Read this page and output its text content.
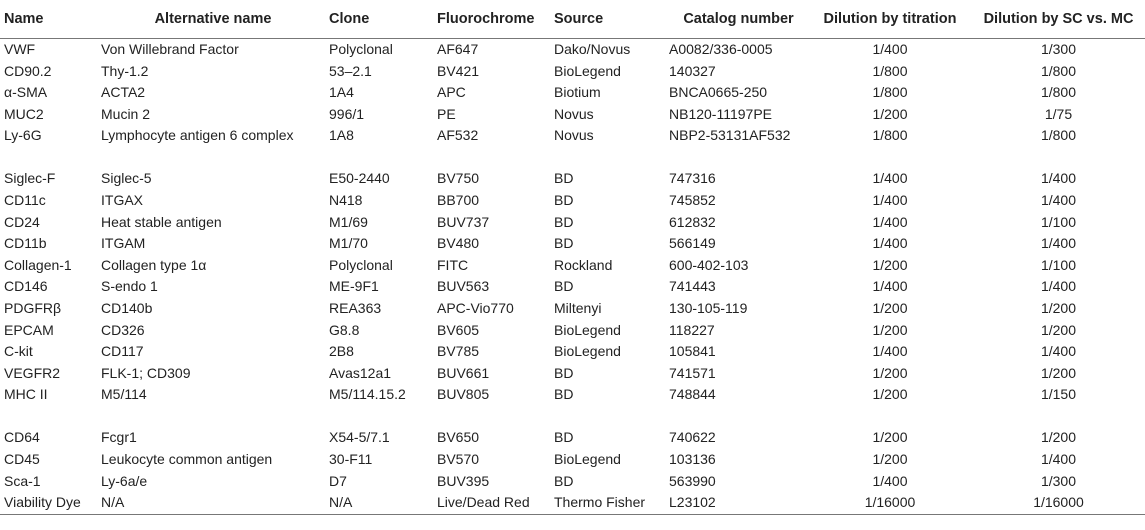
Name	Alternative name	Clone	Fluorochrome	Source	Catalog number	Dilution by titration	Dilution by SC vs. MC
VWF	Von Willebrand Factor	Polyclonal	AF647	Dako/Novus	A0082/336-0005	1/400	1/300
CD90.2	Thy-1.2	53–2.1	BV421	BioLegend	140327	1/800	1/800
α-SMA	ACTA2	1A4	APC	Biotium	BNCA0665-250	1/800	1/800
MUC2	Mucin 2	996/1	PE	Novus	NB120-11197PE	1/200	1/75
Ly-6G	Lymphocyte antigen 6 complex	1A8	AF532	Novus	NBP2-53131AF532	1/800	1/800
Siglec-F	Siglec-5	E50-2440	BV750	BD	747316	1/400	1/400
CD11c	ITGAX	N418	BB700	BD	745852	1/400	1/400
CD24	Heat stable antigen	M1/69	BUV737	BD	612832	1/400	1/100
CD11b	ITGAM	M1/70	BV480	BD	566149	1/400	1/400
Collagen-1	Collagen type 1α	Polyclonal	FITC	Rockland	600-402-103	1/200	1/100
CD146	S-endo 1	ME-9F1	BUV563	BD	741443	1/400	1/400
PDGFRβ	CD140b	REA363	APC-Vio770	Miltenyi	130-105-119	1/200	1/200
EPCAM	CD326	G8.8	BV605	BioLegend	118227	1/200	1/200
C-kit	CD117	2B8	BV785	BioLegend	105841	1/400	1/400
VEGFR2	FLK-1; CD309	Avas12a1	BUV661	BD	741571	1/200	1/200
MHC II	M5/114	M5/114.15.2	BUV805	BD	748844	1/200	1/150
CD64	Fcgr1	X54-5/7.1	BV650	BD	740622	1/200	1/200
CD45	Leukocyte common antigen	30-F11	BV570	BioLegend	103136	1/200	1/400
Sca-1	Ly-6a/e	D7	BUV395	BD	563990	1/400	1/300
Viability Dye	N/A	N/A	Live/Dead Red	Thermo Fisher	L23102	1/16000	1/16000
